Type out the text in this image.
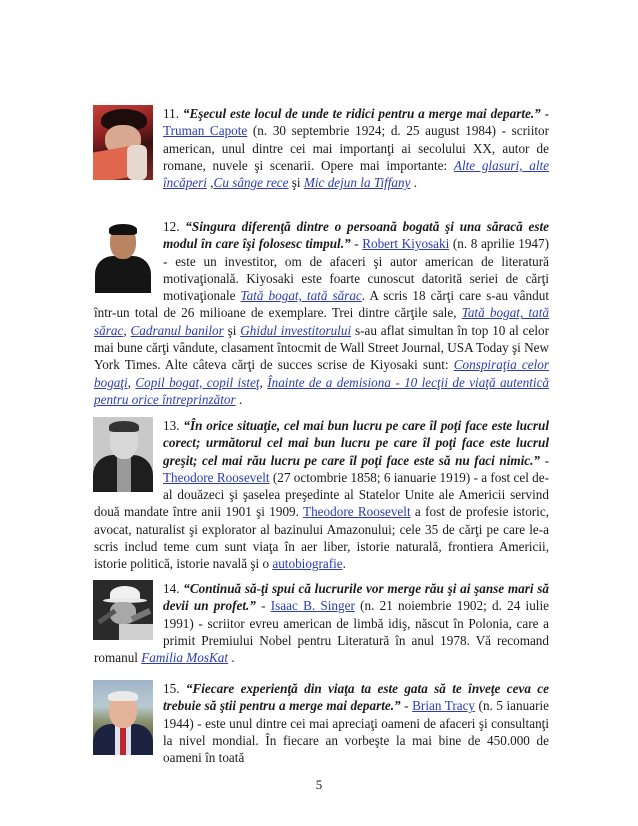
11. “Eşecul este locul de unde te ridici pentru a merge mai departe.” - Truman Capote (n. 30 septembrie 1924; d. 25 august 1984) - scriitor american, unul dintre cei mai importanţi ai secolului XX, autor de romane, nuvele şi scenarii. Opere mai importante: Alte glasuri, alte încăperi ,Cu sânge rece şi Mic dejun la Tiffany .

12. “Singura diferenţă dintre o persoană bogată şi una săracă este modul în care îşi folosesc timpul.” - Robert Kiyosaki (n. 8 aprilie 1947) - este un investitor, om de afaceri şi autor american de literatură motivaţională. Kiyosaki este foarte cunoscut datorită seriei de cărţi motivaţionale Tată bogat, tată sărac. A scris 18 cărţi care s-au vândut într-un total de 26 milioane de exemplare. Trei dintre cărţile sale, Tată bogat, tată sărac, Cadranul banilor şi Ghidul investitorului s-au aflat simultan în top 10 al celor mai bune cărţi vândute, clasament întocmit de Wall Street Journal, USA Today şi New York Times. Alte câteva cărţi de succes scrise de Kiyosaki sunt: Conspiraţia celor bogaţi, Copil bogat, copil isteţ, Înainte de a demisiona - 10 lecţii de viaţă autentică pentru orice întreprinzător .

13. “În orice situaţie, cel mai bun lucru pe care îl poţi face este lucrul corect; următorul cel mai bun lucru pe care îl poţi face este lucrul greşit; cel mai rău lucru pe care îl poţi face este să nu faci nimic.” - Theodore Roosevelt (27 octombrie 1858; 6 ianuarie 1919) - a fost cel de-al douăzeci şi şaselea preşedinte al Statelor Unite ale Americii servind două mandate între anii 1901 şi 1909. Theodore Roosevelt a fost de profesie istoric, avocat, naturalist şi explorator al bazinului Amazonului; cele 35 de cărţi pe care le-a scris includ teme cum sunt viaţa în aer liber, istorie naturală, frontiera Americii, istorie politică, istorie navală şi o autobiografie.

14. “Continuă să-ţi spui că lucrurile vor merge rău şi ai şanse mari să devii un profet.” - Isaac B. Singer (n. 21 noiembrie 1902; d. 24 iulie 1991) - scriitor evreu american de limbă idiş, născut în Polonia, care a primit Premiului Nobel pentru Literatură în anul 1978. Vă recomand romanul Familia MosKat .

15. “Fiecare experienţă din viaţa ta este gata să te înveţe ceva ce trebuie să ştii pentru a merge mai departe.” - Brian Tracy (n. 5 ianuarie 1944) - este unul dintre cei mai apreciaţi oameni de afaceri şi consultanţi la nivel mondial. În fiecare an vorbeşte la mai bine de 450.000 de oameni în toată

5
